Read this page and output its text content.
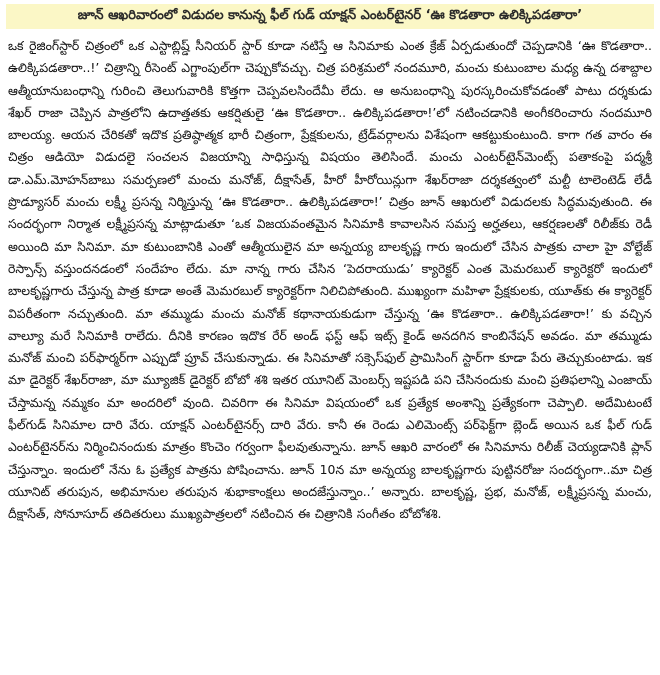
జూన్ ఆఖరివారంలో విడుదల కానున్న ఫీల్ గుడ్ యాక్షన్ ఎంటర్‌టైనర్ ‘ఊ కొడతారా ఉలిక్కిపడతారా’

ఒక రైజింగ్‌స్టార్ చిత్రంలో ఒక ఎస్టాబ్లిష్డ్ సీనియర్ స్టార్ కూడా నటిస్తే ఆ సినిమాకు ఎంత క్రేజ్ ఏర్పడుతుందో చెప్పడానికి ‘ఊ కొడతారా.. ఉలిక్కిపడతారా..!’ చిత్రాన్ని రీసెంట్ ఎగ్జాంపుల్‌గా చెప్పుకోవచ్చు. చిత్ర పరిశ్రమలో నందమూరి, మంచు కుటుంబాల మధ్య ఉన్న దశాబ్దాల ఆత్మీయానుబంధాన్ని గురించి తెలుగువారికి కొత్తగా చెప్పవలసిందేమీ లేదు. ఆ అనుబంధాన్ని పురస్కరించుకోవడంతో పాటు దర్శకుడు శేఖర్ రాజా చెప్పిన పాత్రలోని ఉదాత్తతకు ఆకర్షితులై ‘ఊ కొడతారా.. ఉలిక్కిపడతారా!’లో నటించడానికి అంగీకరించారు నందమూరి బాలయ్య. ఆయన చేరికతో ఇదొక ప్రతిష్ఠాత్మక భారీ చిత్రంగా, ప్రేక్షకులను, ట్రేడ్‌వర్గాలను విశేషంగా ఆకట్టుకుంటుంది. కాగా గత వారం ఈ చిత్రం ఆడియో విడుదలై సంచలన విజయాన్ని సాధిస్తున్న విషయం తెలిసిందే. మంచు ఎంటర్‌టైన్‌మెంట్స్ పతాకంపై పద్మశ్రీ డా.ఎమ్.మోహన్‌బాబు సమర్పణలో మంచు మనోజ్, దీక్షాసేత్, హీరో హీరోయిన్లుగా శేఖర్‌రాజా దర్శకత్వంలో మల్టీ టాలెంటెడ్ లేడీ ప్రొడ్యూసర్ మంచు లక్ష్మీ ప్రసన్న నిర్మిస్తున్న ‘ఊ కొడతారా.. ఉలిక్కిపడతారా!’ చిత్రం జూన్ ఆఖరులో విడుదలకు సిద్ధమవుతుంది. ఈ సందర్భంగా నిర్మాత లక్ష్మీప్రసన్న మాట్లాడుతూ ‘ఒక విజయవంతమైన సినిమాకి కావాలసిన సమస్త అర్హతలు, ఆకర్షణలతో రిలీజ్‌కు రెడీ అయింది మా సినిమా. మా కుటుంబానికి ఎంతో ఆత్మీయులైన మా అన్నయ్య బాలకృష్ణ గారు ఇందులో చేసిన పాత్రకు చాలా హై వోల్టేజ్ రెస్పాన్స్ వస్తుందనడంలో సందేహం లేదు. మా నాన్న గారు చేసిన ‘పెదరాయుడు’ క్యారెక్టర్ ఎంత మెమరబుల్ క్యారెక్టరో ఇందులో బాలకృష్ణగారు చేస్తున్న పాత్ర కూడా అంతే మెమరబుల్ క్యారెక్టర్‌గా నిలిచిపోతుంది. ముఖ్యంగా మహిళా ప్రేక్షకులకు, యూత్‌కు ఈ క్యారెక్టర్ విపరీతంగా నచ్చుతుంది. మా తమ్ముడు మంచు మనోజ్ కథానాయకుడుగా చేస్తున్న ‘ఊ కొడతారా.. ఉలిక్కిపడతారా!’ కు వచ్చిన వాల్యూ మరే సినిమాకి రాలేదు. దీనికి కారణం ఇదొక రేర్ అండ్ ఫస్ట్ ఆఫ్ ఇట్స్ కైండ్ అనదగిన కాంబినేషన్ అవడం. మా తమ్ముడు మనోజ్ మంచి పర్‌ఫార్మర్‌గా ఎప్పుడో ప్రూవ్ చేసుకున్నాడు. ఈ సినిమాతో సక్సెస్‌ఫుల్ ప్రామిసింగ్ స్టార్‌గా కూడా పేరు తెచ్చుకుంటాడు. ఇక మా డైరెక్టర్ శేఖర్‌రాజా, మా మ్యూజిక్ డైరెక్టర్ బోబో శశి ఇతర యూనిట్ మెంబర్స్ ఇష్టపడి పని చేసినందుకు మంచి ప్రతిఫలాన్ని ఎంజాయ్ చేస్తామన్న నమ్మకం మా అందరిలో వుంది. చివరిగా ఈ సినిమా విషయంలో ఒక ప్రత్యేక అంశాన్ని ప్రత్యేకంగా చెప్పాలి. అదేమిటంటే ఫీల్‌గుడ్ సినిమాల దారి వేరు. యాక్షన్ ఎంటర్‌టైనర్స్ దారి వేరు. కానీ ఈ రెండు ఎలిమెంట్స్ పర్‌ఫెక్ట్‌గా బ్లెండ్ అయిన ఒక ఫీల్ గుడ్ ఎంటర్‌టైనర్‌ను నిర్మించినందుకు మాత్రం కొంచెం గర్వంగా ఫీలవుతున్నాను. జూన్ ఆఖరి వారంలో ఈ సినిమాను రిలీజ్ చెయ్యడానికి ప్లాన్ చేస్తున్నాం. ఇందులో నేను ఓ ప్రత్యేక పాత్రను పోషించాను. జూన్ 10న మా అన్నయ్య బాలకృష్ణగారు పుట్టినరోజు సందర్భంగా..మా చిత్ర యూనిట్ తరుపున, అభిమానుల తరుపున శుభాకాంక్షలు అందజేస్తున్నాం..’ అన్నారు. బాలకృష్ణ, ప్రభ, మనోజ్, లక్ష్మీప్రసన్న మంచు, దీక్షాసేత్, సోనూసూద్ తదితరులు ముఖ్యపాత్రలలో నటించిన ఈ చిత్రానికి సంగీతం బోబోశశి.
